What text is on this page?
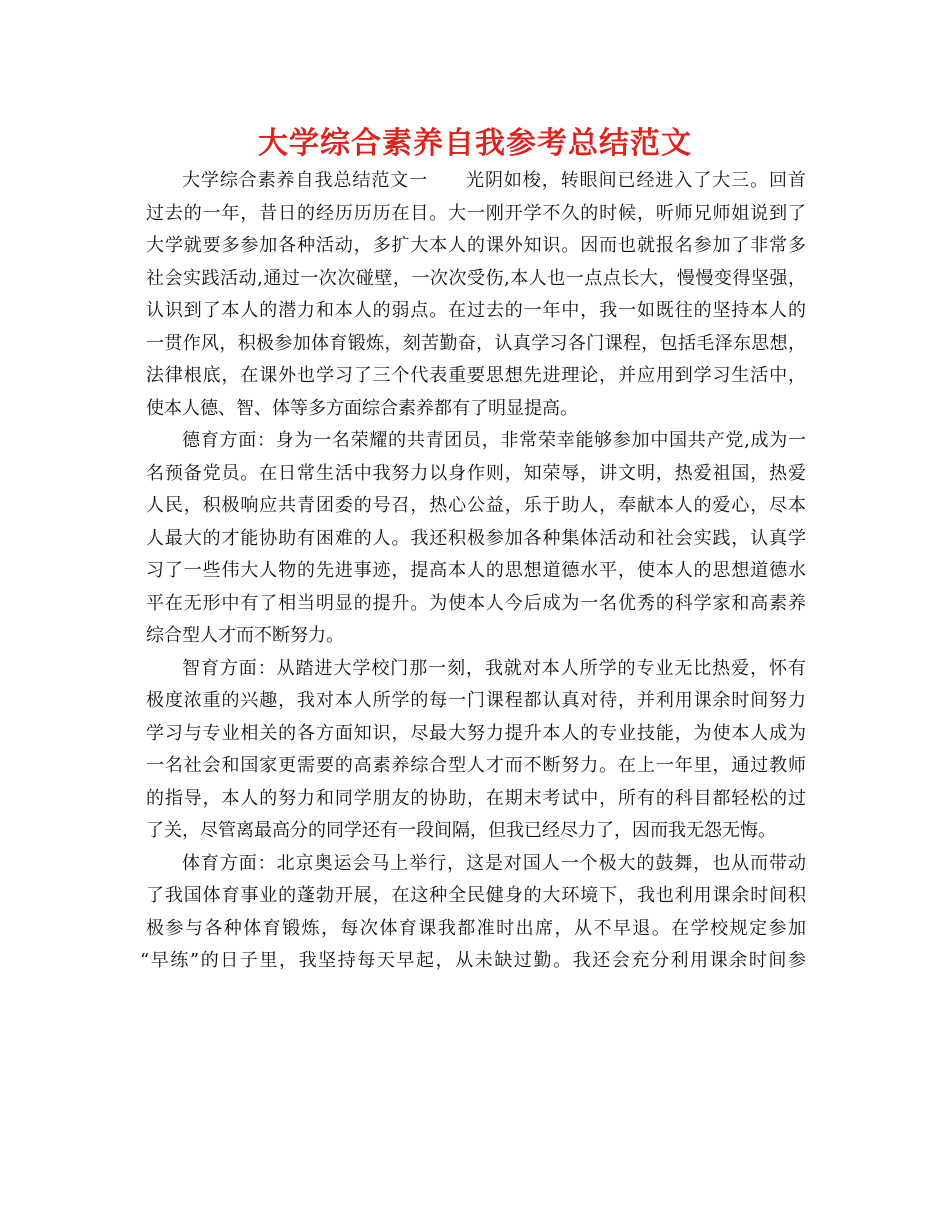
大学综合素养自我参考总结范文

大学综合素养自我总结范文一　　光阴如梭，转眼间已经进入了大三。回首
过去的一年，昔日的经历历历在目。大一刚开学不久的时候，听师兄师姐说到了
大学就要多参加各种活动，多扩大本人的课外知识。因而也就报名参加了非常多
社会实践活动,通过一次次碰壁，一次次受伤,本人也一点点长大，慢慢变得坚强，
认识到了本人的潜力和本人的弱点。在过去的一年中，我一如既往的坚持本人的
一贯作风，积极参加体育锻炼，刻苦勤奋，认真学习各门课程，包括毛泽东思想，
法律根底，在课外也学习了三个代表重要思想先进理论，并应用到学习生活中，
使本人德、智、体等多方面综合素养都有了明显提高。

德育方面：身为一名荣耀的共青团员，非常荣幸能够参加中国共产党,成为一
名预备党员。在日常生活中我努力以身作则，知荣辱，讲文明，热爱祖国，热爱
人民，积极响应共青团委的号召，热心公益，乐于助人，奉献本人的爱心，尽本
人最大的才能协助有困难的人。我还积极参加各种集体活动和社会实践，认真学
习了一些伟大人物的先进事迹，提高本人的思想道德水平，使本人的思想道德水
平在无形中有了相当明显的提升。为使本人今后成为一名优秀的科学家和高素养
综合型人才而不断努力。

智育方面：从踏进大学校门那一刻，我就对本人所学的专业无比热爱，怀有
极度浓重的兴趣，我对本人所学的每一门课程都认真对待，并利用课余时间努力
学习与专业相关的各方面知识，尽最大努力提升本人的专业技能，为使本人成为
一名社会和国家更需要的高素养综合型人才而不断努力。在上一年里，通过教师
的指导，本人的努力和同学朋友的协助，在期末考试中，所有的科目都轻松的过
了关，尽管离最高分的同学还有一段间隔，但我已经尽力了，因而我无怨无悔。

体育方面：北京奥运会马上举行，这是对国人一个极大的鼓舞，也从而带动
了我国体育事业的蓬勃开展，在这种全民健身的大环境下，我也利用课余时间积
极参与各种体育锻炼，每次体育课我都准时出席，从不早退。在学校规定参加
“早练”的日子里，我坚持每天早起，从未缺过勤。我还会充分利用课余时间参
